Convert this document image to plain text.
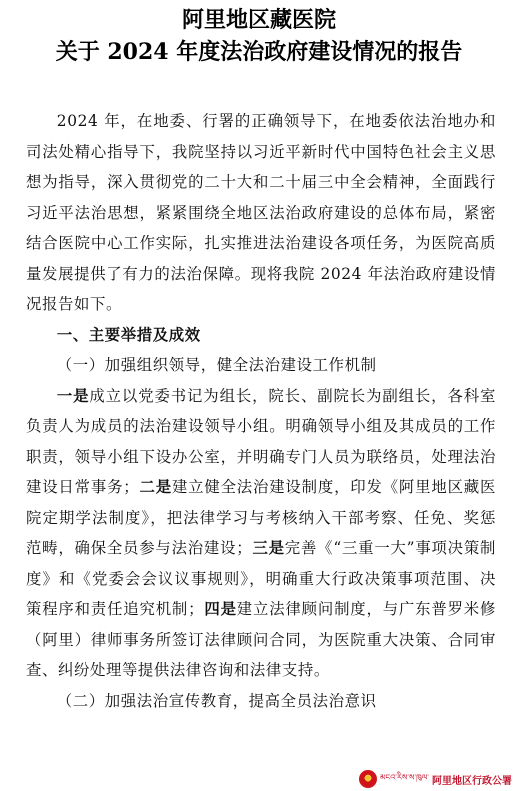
阿里地区藏医院
关于 2024 年度法治政府建设情况的报告

2024 年，在地委、行署的正确领导下，在地委依法治地办和司法处精心指导下，我院坚持以习近平新时代中国特色社会主义思想为指导，深入贯彻党的二十大和二十届三中全会精神，全面践行习近平法治思想，紧紧围绕全地区法治政府建设的总体布局，紧密结合医院中心工作实际，扎实推进法治建设各项任务，为医院高质量发展提供了有力的法治保障。现将我院 2024 年法治政府建设情况报告如下。

一、主要举措及成效

（一）加强组织领导，健全法治建设工作机制

一是成立以党委书记为组长，院长、副院长为副组长，各科室负责人为成员的法治建设领导小组。明确领导小组及其成员的工作职责，领导小组下设办公室，并明确专门人员为联络员，处理法治建设日常事务；二是建立健全法治建设制度，印发《阿里地区藏医院定期学法制度》，把法律学习与考核纳入干部考察、任免、奖惩范畴，确保全员参与法治建设；三是完善《“三重一大”事项决策制度》和《党委会会议议事规则》，明确重大行政决策事项范围、决策程序和责任追究机制；四是建立法律顾问制度，与广东普罗米修（阿里）律师事务所签订法律顾问合同，为医院重大决策、合同审查、纠纷处理等提供法律咨询和法律支持。

（二）加强法治宣传教育，提高全员法治意识

མངའ་རིས་ས་ཁུལ་ 阿里地区行政公署
